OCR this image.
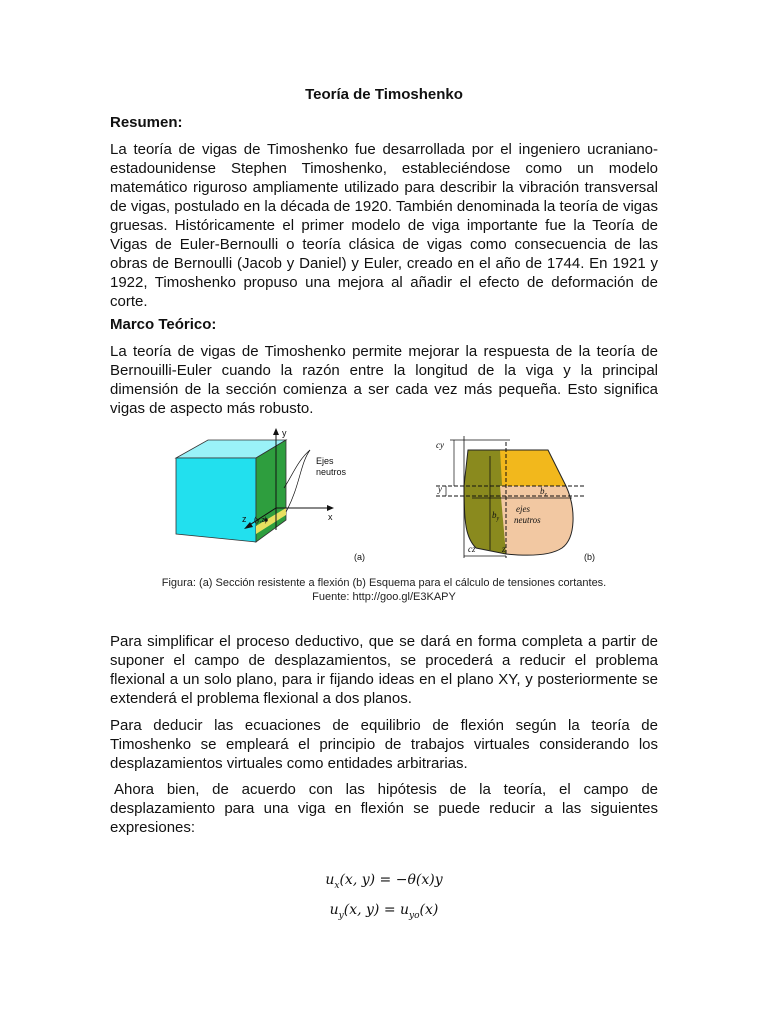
Teoría de Timoshenko
Resumen:

La teoría de vigas de Timoshenko fue desarrollada por el ingeniero ucraniano-estadounidense Stephen Timoshenko, estableciéndose como un modelo matemático riguroso ampliamente utilizado para describir la vibración transversal de vigas, postulado en la década de 1920. También denominada la teoría de vigas gruesas. Históricamente el primer modelo de viga importante fue la Teoría de Vigas de Euler-Bernoulli o teoría clásica de vigas como consecuencia de las obras de Bernoulli (Jacob y Daniel) y Euler, creado en el año de 1744. En 1921 y 1922, Timoshenko propuso una mejora al añadir el efecto de deformación de corte.

Marco Teórico:

La teoría de vigas de Timoshenko permite mejorar la respuesta de la teoría de Bernouilli-Euler cuando la razón entre la longitud de la viga y la principal dimensión de la sección comienza a ser cada vez más pequeña. Esto significa vigas de aspecto más robusto.

y
x
z (y,z)
Ejes
neutros
(a)
cy
y	$b_z$
$b_y$
cz	z
ejes
neutros
(b)
Figura: (a) Sección resistente a flexión (b) Esquema para el cálculo de tensiones cortantes.
Fuente: http://goo.gl/E3KAPY

Para simplificar el proceso deductivo, que se dará en forma completa a partir de suponer el campo de desplazamientos, se procederá a reducir el problema flexional a un solo plano, para ir fijando ideas en el plano XY, y posteriormente se extenderá el problema flexional a dos planos.

Para deducir las ecuaciones de equilibrio de flexión según la teoría de Timoshenko se empleará el principio de trabajos virtuales considerando los desplazamientos virtuales como entidades arbitrarias.

Ahora bien, de acuerdo con las hipótesis de la teoría, el campo de desplazamiento para una viga en flexión se puede reducir a las siguientes expresiones:

$u_x(x$, y) = −θ(x)y
$u_y(x$, $y) = u_{yo}(x)$
